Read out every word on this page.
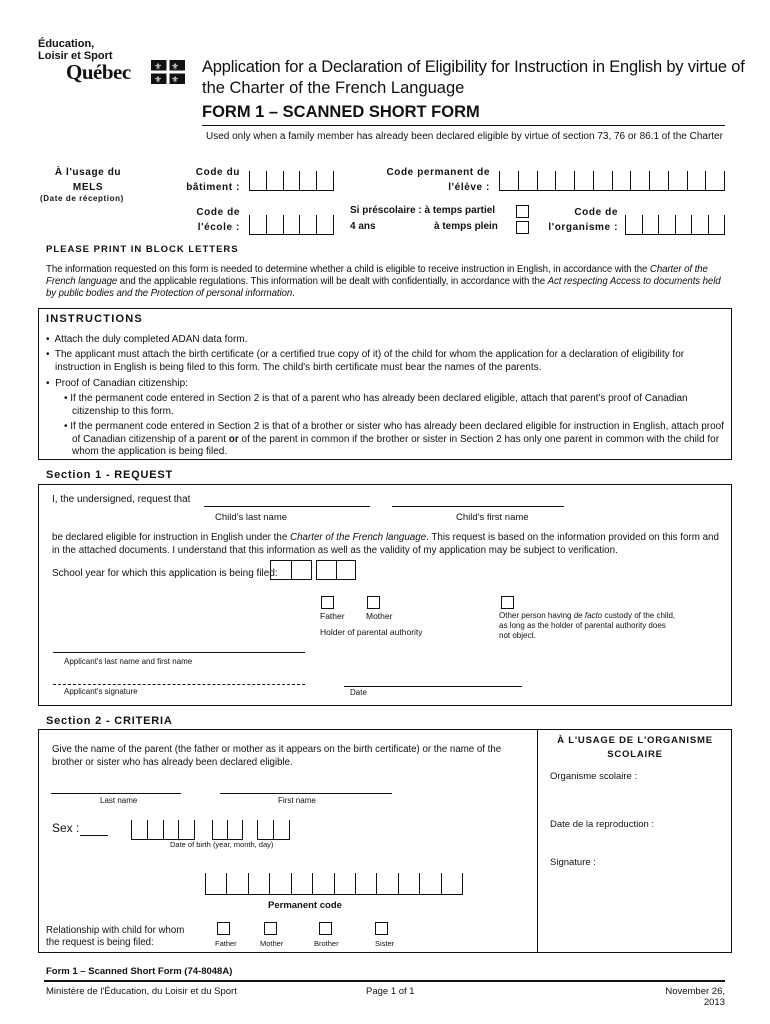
Éducation,
Loisir et Sport
Québec	⚜ ⚜
⚜ ⚜
Application for a Declaration of Eligibility for Instruction in English by virtue of
the Charter of the French Language
FORM 1 – SCANNED SHORT FORM
Used only when a family member has already been declared eligible by virtue of section 73, 76 or 86.1 of the Charter
À l'usage du
MELS
(Date de réception)
Code du
bâtiment :
Code permanent de
l'élève :
Code de
l'école :
Si préscolaire : à temps partiel
4 ans	à temps plein
Code de
l'organisme :
PLEASE PRINT IN BLOCK LETTERS
The information requested on this form is needed to determine whether a child is eligible to receive instruction in English, in accordance with the Charter of the French language and the applicable regulations. This information will be dealt with confidentially, in accordance with the Act respecting Access to documents held by public bodies and the Protection of personal information.
INSTRUCTIONS
•  Attach the duly completed ADAN data form.
•  The applicant must attach the birth certificate (or a certified true copy of it) of the child for whom the application for a declaration of eligibility for instruction in English is being filed to this form. The child's birth certificate must bear the names of the parents.
•  Proof of Canadian citizenship:
• If the permanent code entered in Section 2 is that of a parent who has already been declared eligible, attach that parent's proof of Canadian citizenship to this form.
• If the permanent code entered in Section 2 is that of a brother or sister who has already been declared eligible for instruction in English, attach proof of Canadian citizenship of a parent or of the parent in common if the brother or sister in Section 2 has only one parent in common with the child for whom the application is being filed.
Section 1 - REQUEST
I, the undersigned, request that
Child's last name	Child's first name
be declared eligible for instruction in English under the Charter of the French language. This request is based on the information provided on this form and in the attached documents. I understand that this information as well as the validity of my application may be subject to verification.
School year for which this application is being filed:
Father	Mother
Holder of parental authority
Other person having de facto custody of the child, as long as the holder of parental authority does not object.
Applicant's last name and first name
Applicant's signature	Date
Section 2 - CRITERIA
Give the name of the parent (the father or mother as it appears on the birth certificate) or the name of the brother or sister who has already been declared eligible.
Last name	First name
Sex :
Date of birth (year, month, day)
Permanent code
Relationship with child for whom the request is being filed:	Father	Mother	Brother	Sister
À L'USAGE DE L'ORGANISME
SCOLAIRE
Organisme scolaire :
Date de la reproduction :
Signature :
Form 1 – Scanned Short Form (74-8048A)
Ministère de l'Éducation, du Loisir et du Sport	Page 1 of 1	November 26, 2013
